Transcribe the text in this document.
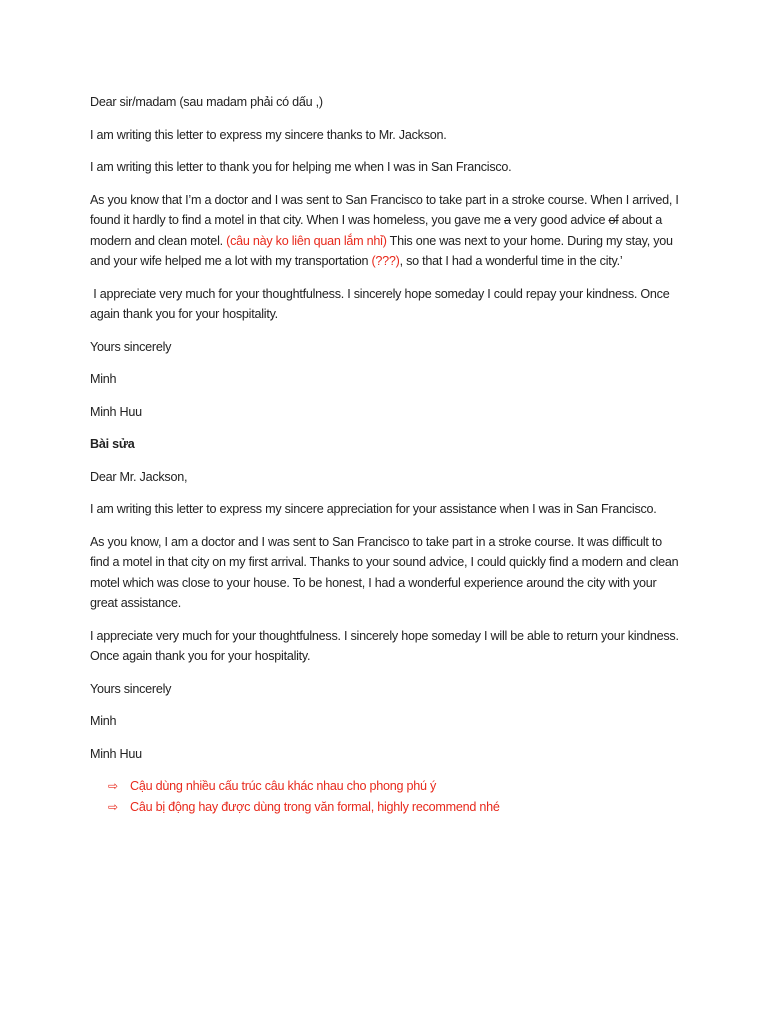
Dear sir/madam (sau madam phải có dấu ,)

I am writing this letter to express my sincere thanks to Mr. Jackson.

I am writing this letter to thank you for helping me when I was in San Francisco.

As you know that I’m a doctor and I was sent to San Francisco to take part in a stroke course. When I arrived, I found it hardly to find a motel in that city. When I was homeless, you gave me a very good advice of about a modern and clean motel. (câu này ko liên quan lắm nhỉ) This one was next to your home. During my stay, you and your wife helped me a lot with my transportation (???), so that I had a wonderful time in the city.’

I appreciate very much for your thoughtfulness. I sincerely hope someday I could repay your kindness. Once again thank you for your hospitality.

Yours sincerely

Minh

Minh Huu

Bài sửa

Dear Mr. Jackson,

I am writing this letter to express my sincere appreciation for your assistance when I was in San Francisco.

As you know, I am a doctor and I was sent to San Francisco to take part in a stroke course. It was difficult to find a motel in that city on my first arrival. Thanks to your sound advice, I could quickly find a modern and clean motel which was close to your house. To be honest, I had a wonderful experience around the city with your great assistance.

I appreciate very much for your thoughtfulness. I sincerely hope someday I will be able to return your kindness. Once again thank you for your hospitality.

Yours sincerely

Minh

Minh Huu

⇨ Cậu dùng nhiều cấu trúc câu khác nhau cho phong phú ý
⇨ Câu bị động hay được dùng trong văn formal, highly recommend nhé
